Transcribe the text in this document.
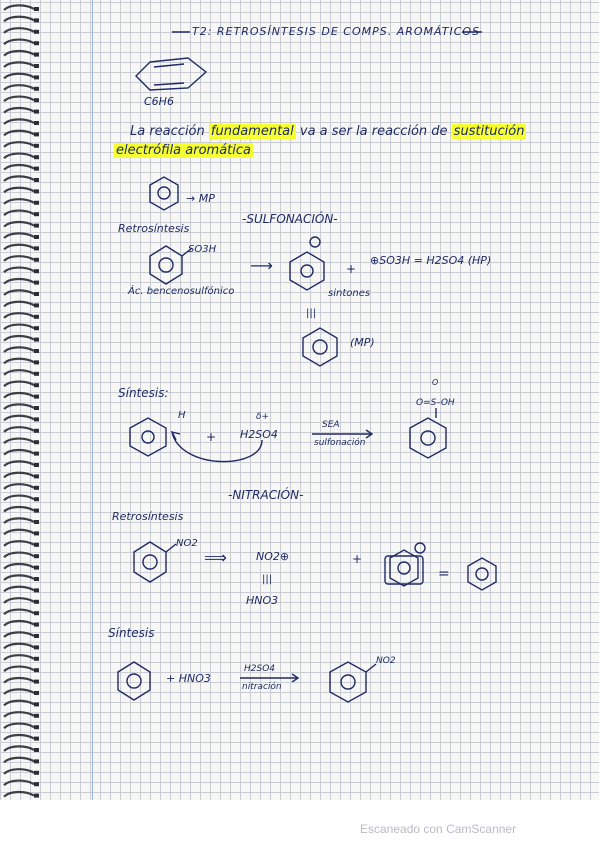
T2: RETROSÍNTESIS DE COMPS. AROMÁTICOS
C6H6
La reacción fundamental va a ser la reacción de sustitución
electrófila aromática
→ MP
-SULFONACIÓN-
Retrosíntesis
SO3H
⟶	+
⊕SO3H = H2SO4 (HP)
Ác. bencenosulfónico	sintones
|||
(MP)
Síntesis:
H
+
δ+
H2SO4
SEA
sulfonación
O
O=S–OH
-NITRACIÓN-
Retrosíntesis
NO2
⟹	NO2⊕
|||
HNO3
+
=
Síntesis
+ HNO3
H2SO4
nitración
NO2
Escaneado con CamScanner
